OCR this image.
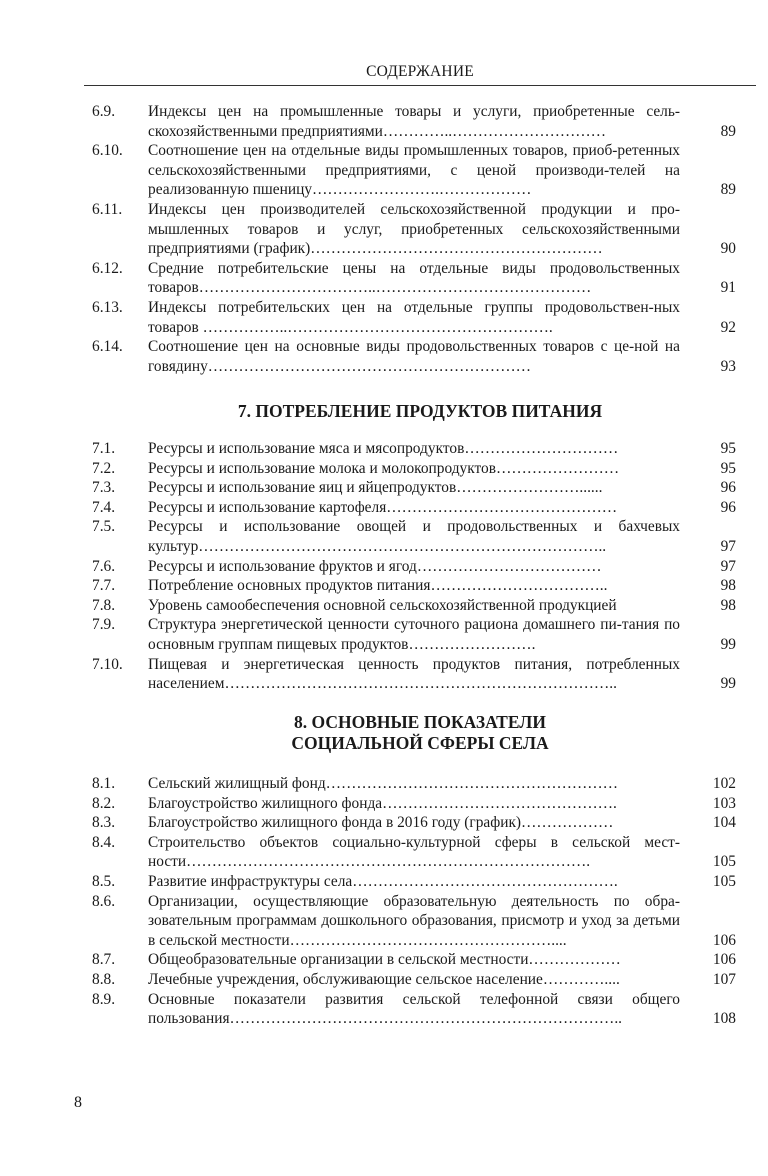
СОДЕРЖАНИЕ
6.9.	Индексы цен на промышленные товары и услуги, приобретенные сель-скохозяйственными предприятиями…………..…………………………	89
6.10.	Соотношение цен на отдельные виды промышленных товаров, приоб-ретенных сельскохозяйственными предприятиями, с ценой производи-телей на реализованную пшеницу…………………….………………	89
6.11.	Индексы цен производителей сельскохозяйственной продукции и про-мышленных товаров и услуг, приобретенных сельскохозяйственными предприятиями (график)…………………………………………………	90
6.12.	Средние потребительские цены на отдельные виды продовольственных товаров……………………………..……………………………………	91
6.13.	Индексы потребительских цен на отдельные группы продовольствен-ных товаров ……………..…………………………………………….	92
6.14.	Соотношение цен на основные виды продовольственных товаров с це-ной на говядину………………………………………………………	93
7. ПОТРЕБЛЕНИЕ ПРОДУКТОВ ПИТАНИЯ
7.1.	Ресурсы и использование мяса и мясопродуктов…………………………	95
7.2.	Ресурсы и использование молока и молокопродуктов……………………	95
7.3.	Ресурсы и использование яиц и яйцепродуктов……………………......	96
7.4.	Ресурсы и использование картофеля………………………………………	96
7.5.	Ресурсы и использование овощей и продовольственных и бахчевых культур……………………………………………………………………..	97
7.6.	Ресурсы и использование фруктов и ягод………………………………	97
7.7.	Потребление основных продуктов питания……………………………..	98
7.8.	Уровень самообеспечения основной сельскохозяйственной продукцией	98
7.9.	Структура энергетической ценности суточного рациона домашнего пи-тания по основным группам пищевых продуктов…………………….	99
7.10.	Пищевая и энергетическая ценность продуктов питания, потребленных населением…………………………………………………………………..	99
8. ОСНОВНЫЕ ПОКАЗАТЕЛИ
СОЦИАЛЬНОЙ СФЕРЫ СЕЛА
8.1.	Сельский жилищный фонд…………………………………………………	102
8.2.	Благоустройство жилищного фонда……………………………………….	103
8.3.	Благоустройство жилищного фонда в 2016 году (график)………………	104
8.4.	Строительство объектов социально-культурной сферы в сельской мест-ности…………………………………………………………………….	105
8.5.	Развитие инфраструктуры села…………………………………………….	105
8.6.	Организации, осуществляющие образовательную деятельность по обра-зовательным программам дошкольного образования, присмотр и уход за детьми в сельской местности……………………………………………....	106
8.7.	Общеобразовательные организации в сельской местности………………	106
8.8.	Лечебные учреждения, обслуживающие сельское население…………....	107
8.9.	Основные показатели развития сельской телефонной связи общего пользования…………………………………………………………………..	108
8
